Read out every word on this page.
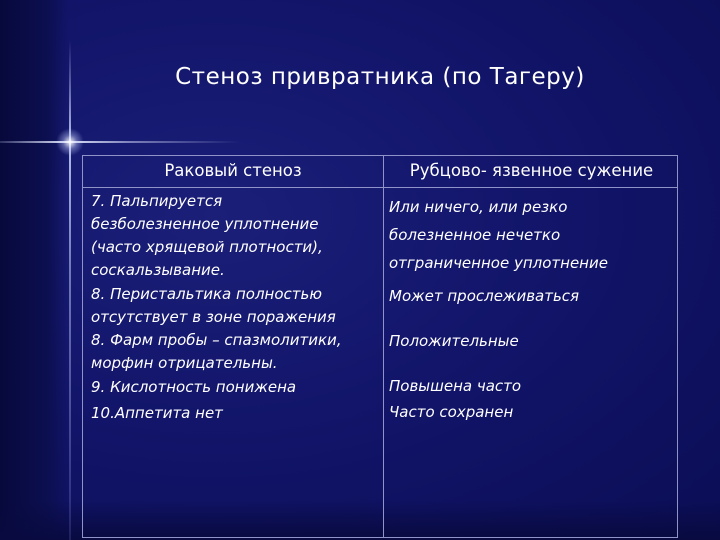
Стеноз привратника (по Тагеру)
Раковый стеноз	Рубцово- язвенное сужение
7. Пальпируется
безболезненное уплотнение
(часто хрящевой плотности),
соскальзывание.
8. Перистальтика полностью
отсутствует в зоне поражения
8. Фарм пробы – спазмолитики,
морфин отрицательны.
9. Кислотность понижена
10.Аппетита нет
Или ничего, или резко
болезненное нечетко
отграниченное уплотнение
Может прослеживаться
Положительные
Повышена часто
Часто сохранен
